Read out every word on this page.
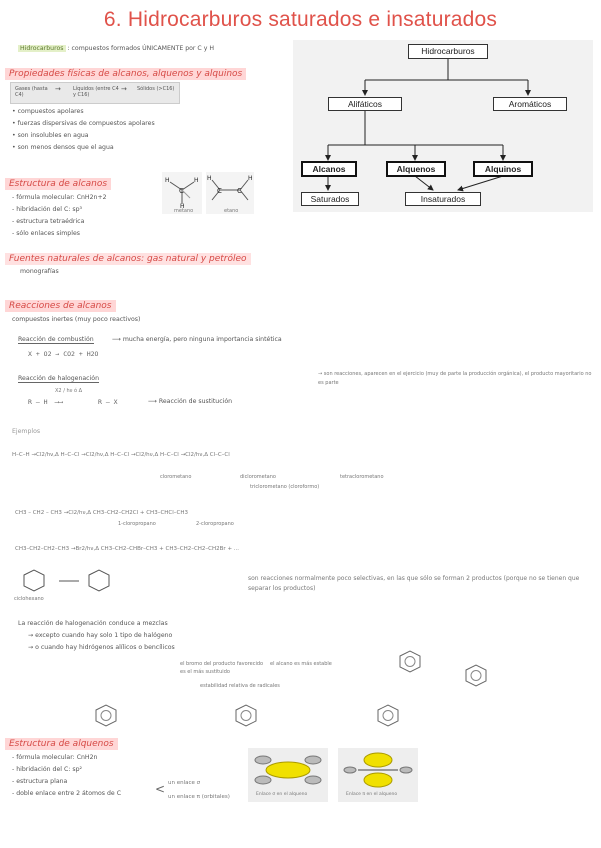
6. Hidrocarburos saturados e insaturados
Hidrocarburos : compuestos formados ÚNICAMENTE por C y H
Propiedades físicas de alcanos, alquenos y alquinos
Gases (hasta C4)
Líquidos (entre C4 y C16)
Sólidos (>C16)
→	→
• compuestos apolares
• fuerzas dispersivas de compuestos apolares
• son insolubles en agua
• son menos densos que el agua
Hidrocarburos
Alifáticos	Aromáticos
Alcanos	Alquenos	Alquinos
Saturados	Insaturados
Estructura de alcanos
- fórmula molecular: CnH2n+2
- hibridación del C: sp³
- estructura tetraédrica
- sólo enlaces simples
C
H	H
H
metano
C C
H	H
etano
Fuentes naturales de alcanos: gas natural y petróleo
monografías
Reacciones de alcanos
compuestos inertes (muy poco reactivos)
Reacción de combustión	⟶ mucha energía, pero ninguna importancia sintética
X + O2 → CO2 + H2O
Reacción de halogenación
R – H
X2 / hν ó Δ
⟶⟶	R – X	⟶ Reacción de sustitución
→ son reacciones, aparecen en el ejercicio (muy de parte la producción orgánica), el producto mayoritario no es parte
Ejemplos
H–C–H →Cl2/hν,Δ H–C–Cl →Cl2/hν,Δ H–C–Cl →Cl2/hν,Δ H–C–Cl →Cl2/hν,Δ Cl–C–Cl
clorometano	diclorometano
triclorometano (cloroformo)
tetraclorometano
CH3 – CH2 – CH3 →Cl2/hν,Δ CH3–CH2–CH2Cl + CH3–CHCl–CH3
1-cloropropano	2-cloropropano
CH3–CH2–CH2–CH3 →Br2/hν,Δ CH3–CH2–CHBr–CH3 + CH3–CH2–CH2–CH2Br + ...
ciclohexano
son reacciones normalmente poco selectivas, en las que sólo se forman 2 productos (porque no se tienen que separar los productos)
La reacción de halogenación conduce a mezclas
→ excepto cuando hay solo 1 tipo de halógeno
→ o cuando hay hidrógenos alílicos o bencílicos
el bromo del producto favorecido es el más sustituido
el alcano es más estable
estabilidad relativa de radicales
Estructura de alquenos
- fórmula molecular: CnH2n
- hibridación del C: sp²
- estructura plana
- doble enlace entre 2 átomos de C	< un enlace σ
un enlace π (orbitales)	Enlace σ en el alqueno	Enlace π en el alqueno
